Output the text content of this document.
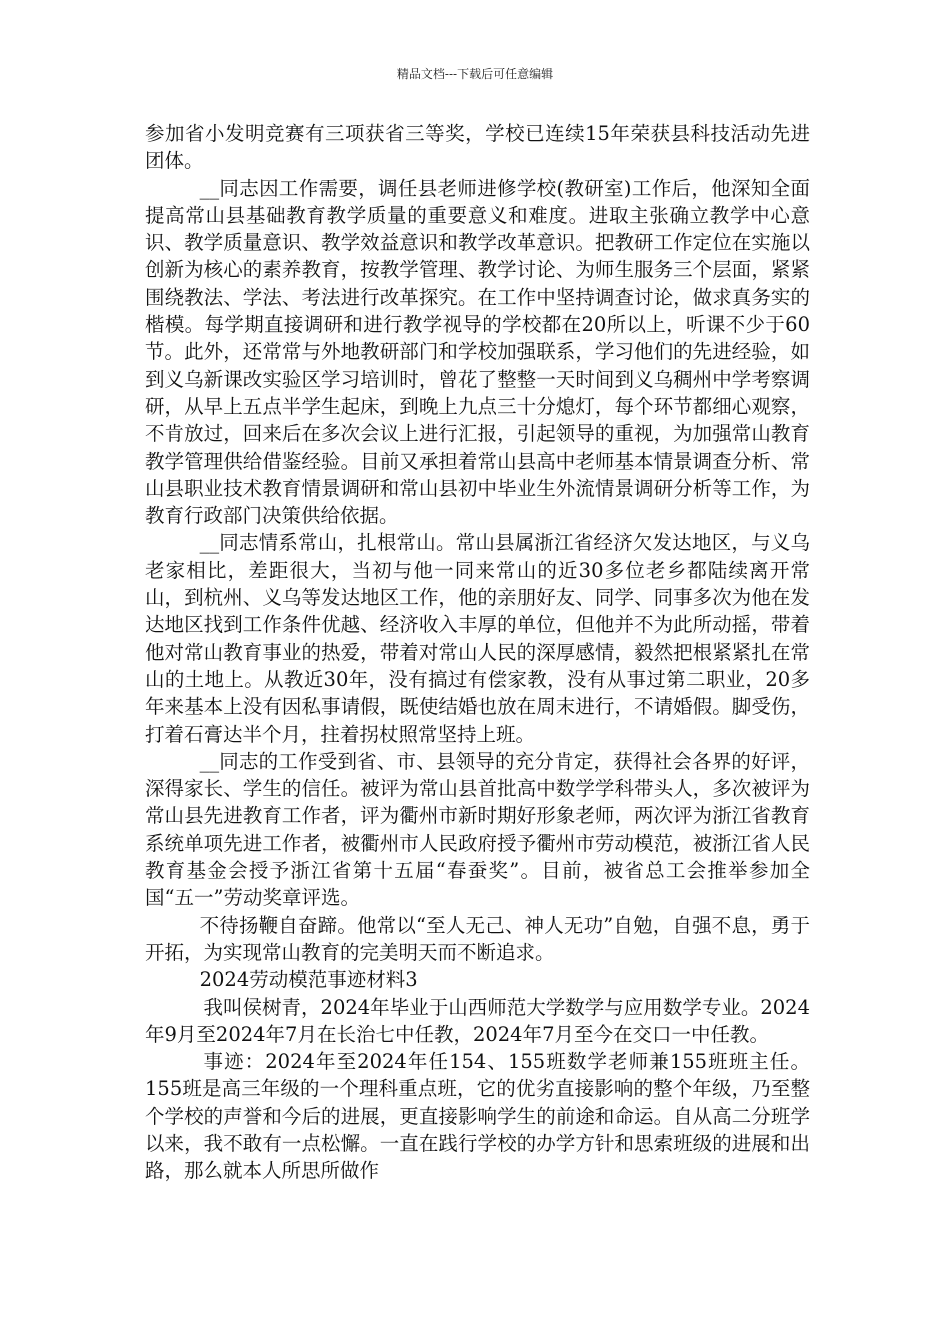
精品文档---下载后可任意编辑

参加省小发明竞赛有三项获省三等奖，学校已连续15年荣获县科技活动先进团体。

__同志因工作需要，调任县老师进修学校(教研室)工作后，他深知全面提高常山县基础教育教学质量的重要意义和难度。进取主张确立教学中心意识、教学质量意识、教学效益意识和教学改革意识。把教研工作定位在实施以创新为核心的素养教育，按教学管理、教学讨论、为师生服务三个层面，紧紧围绕教法、学法、考法进行改革探究。在工作中坚持调查讨论，做求真务实的楷模。每学期直接调研和进行教学视导的学校都在20所以上，听课不少于60节。此外，还常常与外地教研部门和学校加强联系，学习他们的先进经验，如到义乌新课改实验区学习培训时，曾花了整整一天时间到义乌稠州中学考察调研，从早上五点半学生起床，到晚上九点三十分熄灯，每个环节都细心观察，不肯放过，回来后在多次会议上进行汇报，引起领导的重视，为加强常山教育教学管理供给借鉴经验。目前又承担着常山县高中老师基本情景调查分析、常山县职业技术教育情景调研和常山县初中毕业生外流情景调研分析等工作，为教育行政部门决策供给依据。

__同志情系常山，扎根常山。常山县属浙江省经济欠发达地区，与义乌老家相比，差距很大，当初与他一同来常山的近30多位老乡都陆续离开常山，到杭州、义乌等发达地区工作，他的亲朋好友、同学、同事多次为他在发达地区找到工作条件优越、经济收入丰厚的单位，但他并不为此所动摇，带着他对常山教育事业的热爱，带着对常山人民的深厚感情，毅然把根紧紧扎在常山的土地上。从教近30年，没有搞过有偿家教，没有从事过第二职业，20多年来基本上没有因私事请假，既使结婚也放在周末进行，不请婚假。脚受伤，打着石膏达半个月，拄着拐杖照常坚持上班。

__同志的工作受到省、市、县领导的充分肯定，获得社会各界的好评，深得家长、学生的信任。被评为常山县首批高中数学学科带头人，多次被评为常山县先进教育工作者，评为衢州市新时期好形象老师，两次评为浙江省教育系统单项先进工作者，被衢州市人民政府授予衢州市劳动模范，被浙江省人民教育基金会授予浙江省第十五届“春蚕奖”。目前，被省总工会推举参加全国“五一”劳动奖章评选。

不待扬鞭自奋蹄。他常以“至人无己、神人无功”自勉，自强不息，勇于开拓，为实现常山教育的完美明天而不断追求。

2024劳动模范事迹材料3

我叫侯树青，2024年毕业于山西师范大学数学与应用数学专业。2024年9月至2024年7月在长治七中任教，2024年7月至今在交口一中任教。

事迹：2024年至2024年任154、155班数学老师兼155班班主任。155班是高三年级的一个理科重点班，它的优劣直接影响的整个年级，乃至整个学校的声誉和今后的进展，更直接影响学生的前途和命运。自从高二分班学以来，我不敢有一点松懈。一直在践行学校的办学方针和思索班级的进展和出路，那么就本人所思所做作
